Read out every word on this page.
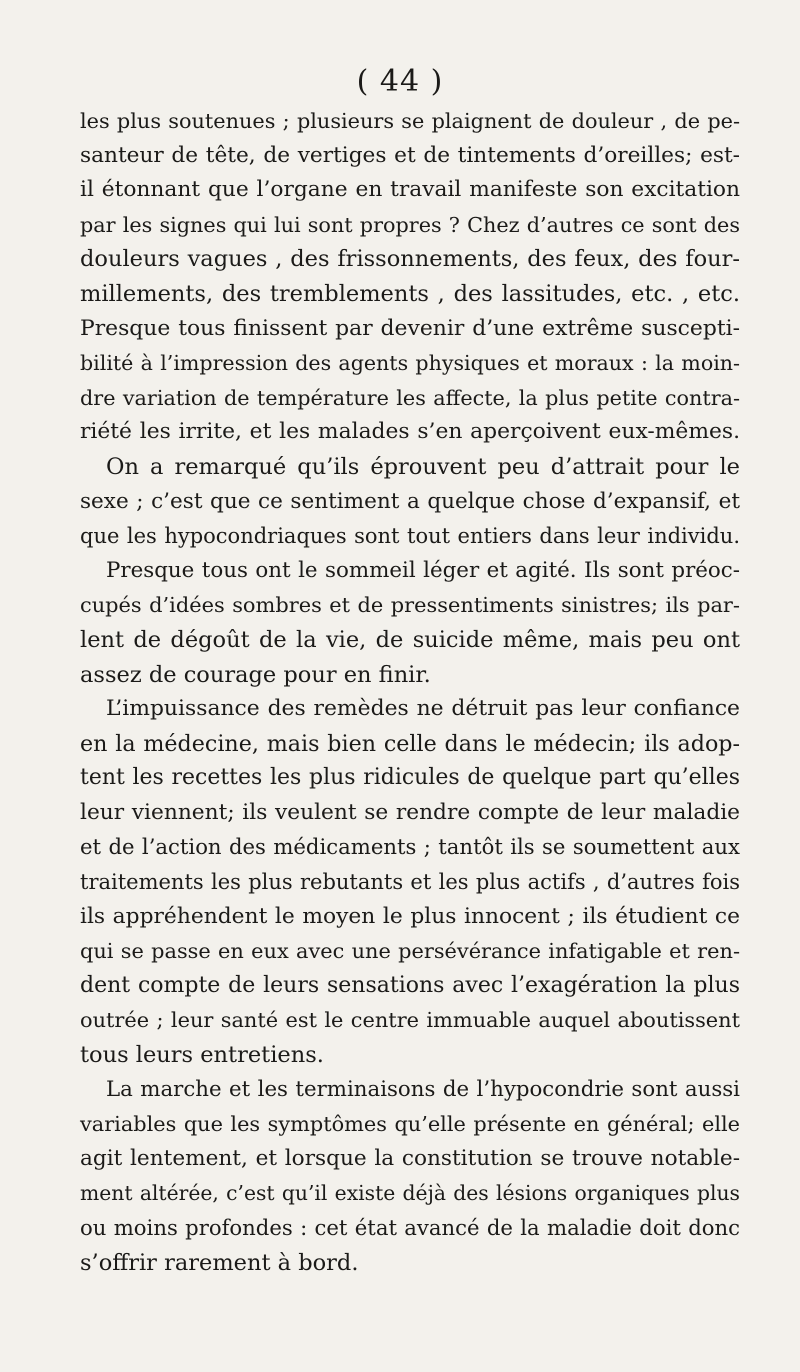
( 44 )
les plus soutenues ; plusieurs se plaignent de douleur , de pe-
santeur de tête, de vertiges et de tintements d’oreilles; est-
il étonnant que l’organe en travail manifeste son excitation
par les signes qui lui sont propres ? Chez d’autres ce sont des
douleurs vagues , des frissonnements, des feux, des four-
millements, des tremblements , des lassitudes, etc. , etc.
Presque tous finissent par devenir d’une extrême suscepti-
bilité à l’impression des agents physiques et moraux : la moin-
dre variation de température les affecte, la plus petite contra-
riété les irrite, et les malades s’en aperçoivent eux-mêmes.
On a remarqué qu’ils éprouvent peu d’attrait pour le
sexe ; c’est que ce sentiment a quelque chose d’expansif, et
que les hypocondriaques sont tout entiers dans leur individu.
Presque tous ont le sommeil léger et agité. Ils sont préoc-
cupés d’idées sombres et de pressentiments sinistres; ils par-
lent de dégoût de la vie, de suicide même, mais peu ont
assez de courage pour en finir.
L’impuissance des remèdes ne détruit pas leur confiance
en la médecine, mais bien celle dans le médecin; ils adop-
tent les recettes les plus ridicules de quelque part qu’elles
leur viennent; ils veulent se rendre compte de leur maladie
et de l’action des médicaments ; tantôt ils se soumettent aux
traitements les plus rebutants et les plus actifs , d’autres fois
ils appréhendent le moyen le plus innocent ; ils étudient ce
qui se passe en eux avec une persévérance infatigable et ren-
dent compte de leurs sensations avec l’exagération la plus
outrée ; leur santé est le centre immuable auquel aboutissent
tous leurs entretiens.
La marche et les terminaisons de l’hypocondrie sont aussi
variables que les symptômes qu’elle présente en général; elle
agit lentement, et lorsque la constitution se trouve notable-
ment altérée, c’est qu’il existe déjà des lésions organiques plus
ou moins profondes : cet état avancé de la maladie doit donc
s’offrir rarement à bord.
